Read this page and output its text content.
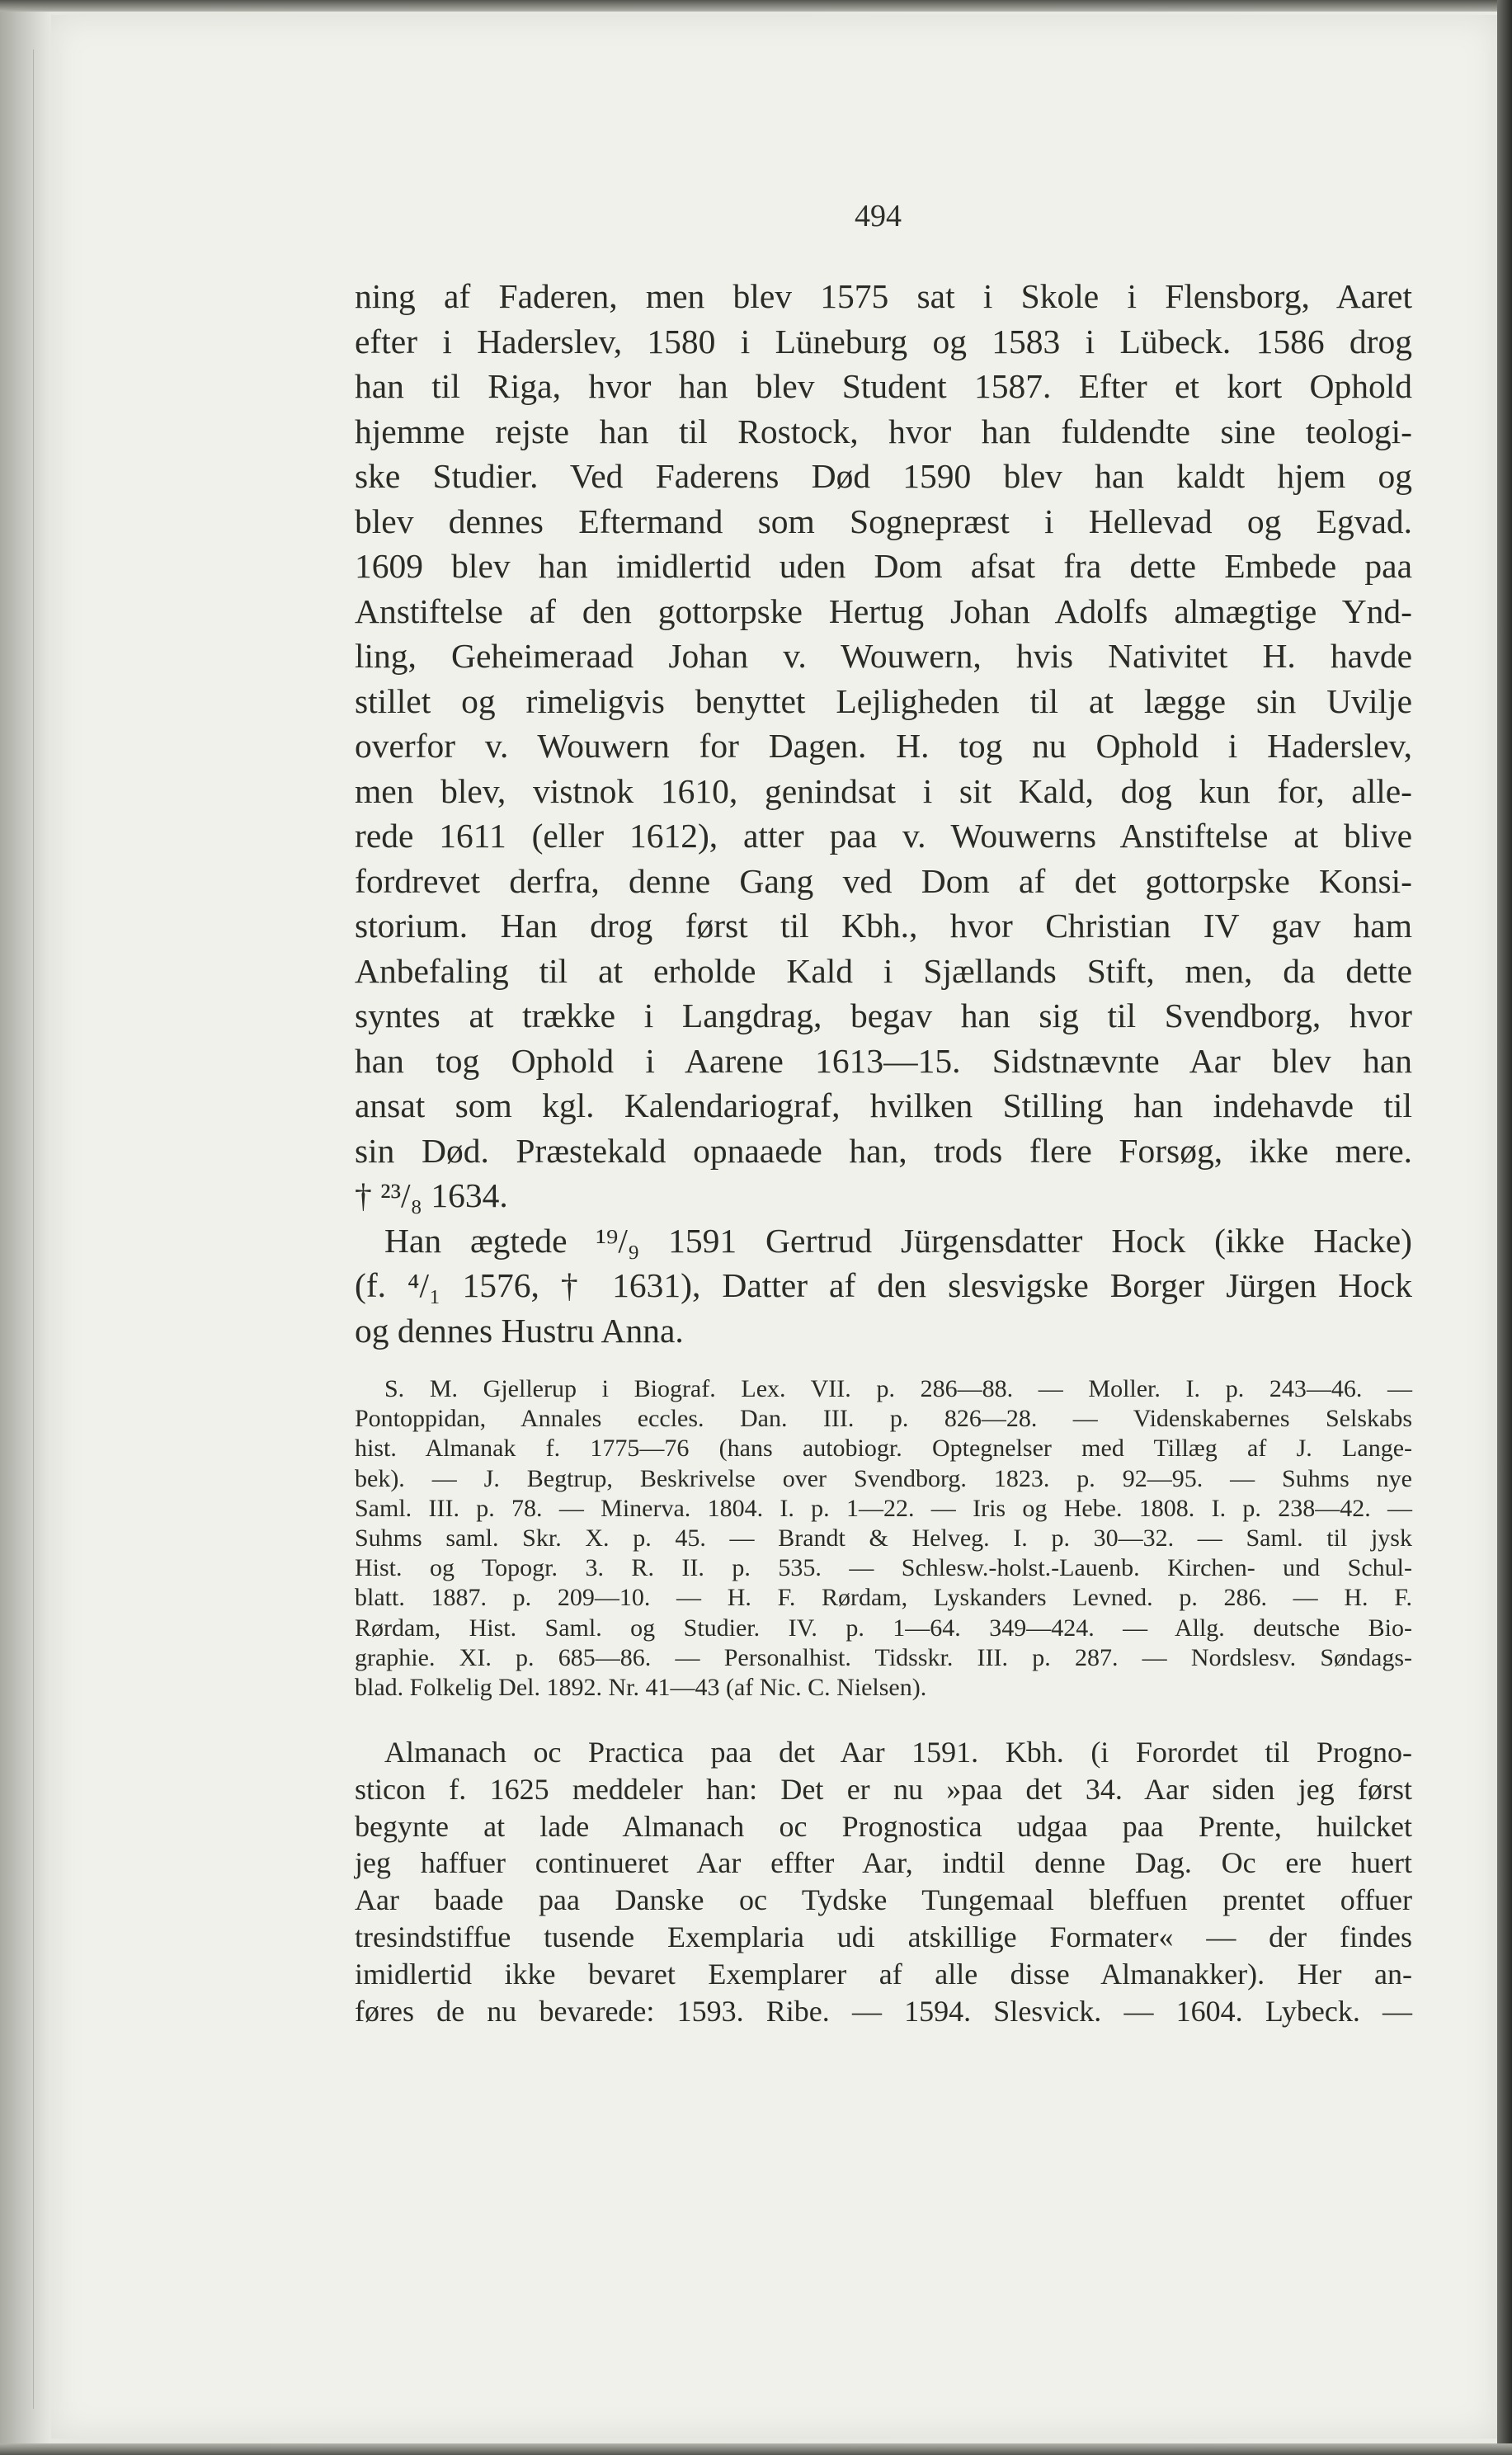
494
ning af Faderen, men blev 1575 sat i Skole i Flensborg, Aaret
efter i Haderslev, 1580 i Lüneburg og 1583 i Lübeck. 1586 drog
han til Riga, hvor han blev Student 1587. Efter et kort Ophold
hjemme rejste han til Rostock, hvor han fuldendte sine teologi-
ske Studier. Ved Faderens Død 1590 blev han kaldt hjem og
blev dennes Eftermand som Sognepræst i Hellevad og Egvad.
1609 blev han imidlertid uden Dom afsat fra dette Embede paa
Anstiftelse af den gottorpske Hertug Johan Adolfs almægtige Ynd-
ling, Geheimeraad Johan v. Wouwern, hvis Nativitet H. havde
stillet og rimeligvis benyttet Lejligheden til at lægge sin Uvilje
overfor v. Wouwern for Dagen. H. tog nu Ophold i Haderslev,
men blev, vistnok 1610, genindsat i sit Kald, dog kun for, alle-
rede 1611 (eller 1612), atter paa v. Wouwerns Anstiftelse at blive
fordrevet derfra, denne Gang ved Dom af det gottorpske Konsi-
storium. Han drog først til Kbh., hvor Christian IV gav ham
Anbefaling til at erholde Kald i Sjællands Stift, men, da dette
syntes at trække i Langdrag, begav han sig til Svendborg, hvor
han tog Ophold i Aarene 1613—15. Sidstnævnte Aar blev han
ansat som kgl. Kalendariograf, hvilken Stilling han indehavde til
sin Død. Præstekald opnaaede han, trods flere Forsøg, ikke mere.
† ²³/₈ 1634.
Han ægtede ¹⁹/₉ 1591 Gertrud Jürgensdatter Hock (ikke Hacke)
(f. ⁴/₁ 1576, † 1631), Datter af den slesvigske Borger Jürgen Hock
og dennes Hustru Anna.
S. M. Gjellerup i Biograf. Lex. VII. p. 286—88. — Moller. I. p. 243—46. —
Pontoppidan, Annales eccles. Dan. III. p. 826—28. — Videnskabernes Selskabs
hist. Almanak f. 1775—76 (hans autobiogr. Optegnelser med Tillæg af J. Lange-
bek). — J. Begtrup, Beskrivelse over Svendborg. 1823. p. 92—95. — Suhms nye
Saml. III. p. 78. — Minerva. 1804. I. p. 1—22. — Iris og Hebe. 1808. I. p. 238—42. —
Suhms saml. Skr. X. p. 45. — Brandt & Helveg. I. p. 30—32. — Saml. til jysk
Hist. og Topogr. 3. R. II. p. 535. — Schlesw.-holst.-Lauenb. Kirchen- und Schul-
blatt. 1887. p. 209—10. — H. F. Rørdam, Lyskanders Levned. p. 286. — H. F.
Rørdam, Hist. Saml. og Studier. IV. p. 1—64. 349—424. — Allg. deutsche Bio-
graphie. XI. p. 685—86. — Personalhist. Tidsskr. III. p. 287. — Nordslesv. Søndags-
blad. Folkelig Del. 1892. Nr. 41—43 (af Nic. C. Nielsen).
Almanach oc Practica paa det Aar 1591. Kbh. (i Forordet til Progno-
sticon f. 1625 meddeler han: Det er nu »paa det 34. Aar siden jeg først
begynte at lade Almanach oc Prognostica udgaa paa Prente, huilcket
jeg haffuer continueret Aar effter Aar, indtil denne Dag. Oc ere huert
Aar baade paa Danske oc Tydske Tungemaal bleffuen prentet offuer
tresindstiffue tusende Exemplaria udi atskillige Formater« — der findes
imidlertid ikke bevaret Exemplarer af alle disse Almanakker). Her an-
føres de nu bevarede: 1593. Ribe. — 1594. Slesvick. — 1604. Lybeck. —
